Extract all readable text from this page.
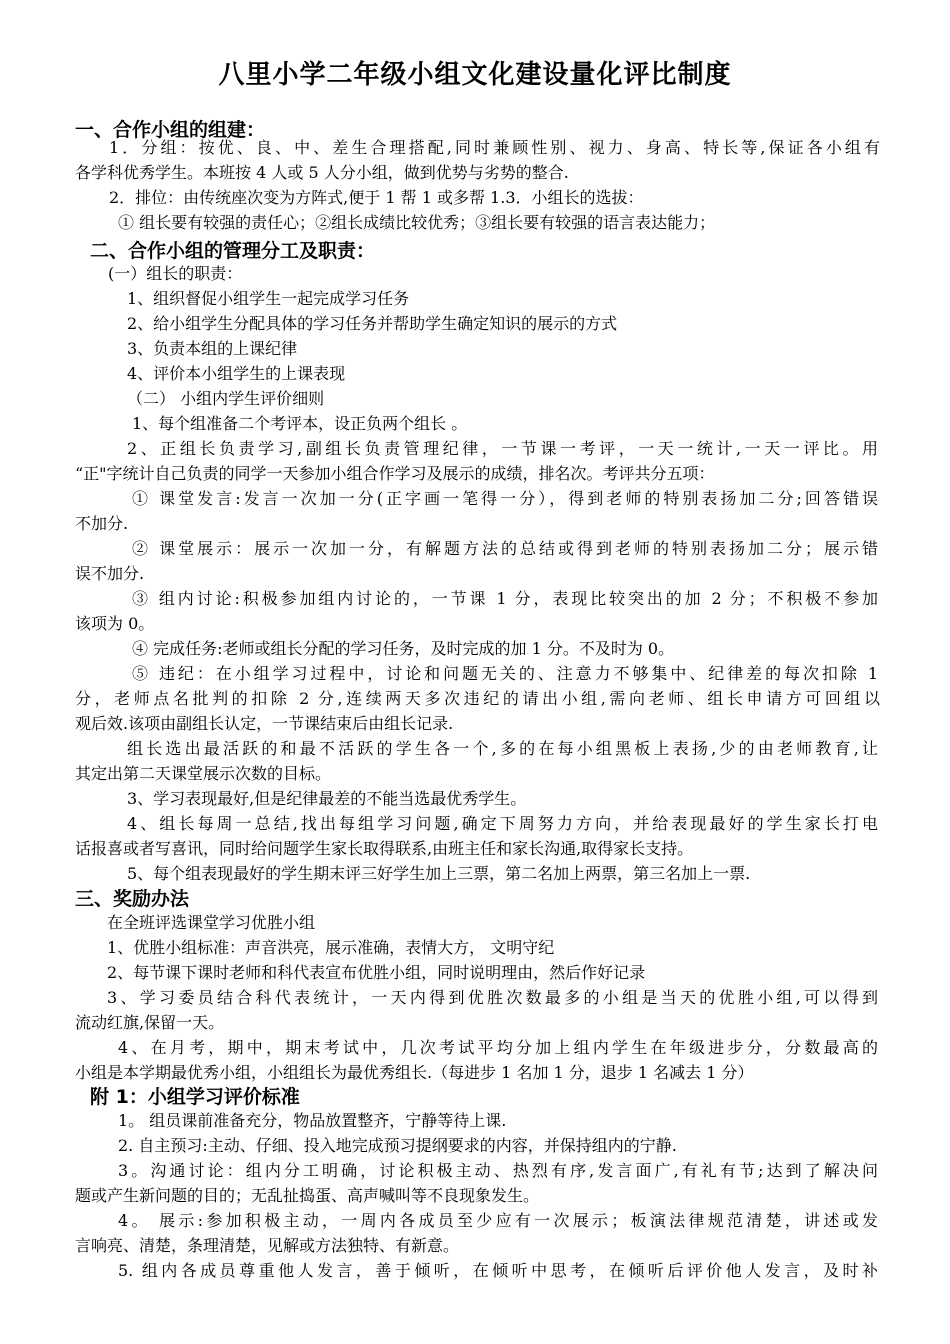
八里小学二年级小组文化建设量化评比制度
一、合作小组的组建：
1．分组：按优、良、中、差生合理搭配,同时兼顾性别、视力、身高、特长等,保证各小组有
各学科优秀学生。本班按 4 人或 5 人分小组，做到优势与劣势的整合.
2．排位：由传统座次变为方阵式,便于 1 帮 1 或多帮 1.3．小组长的选拔：
① 组长要有较强的责任心；②组长成绩比较优秀；③组长要有较强的语言表达能力；
二、合作小组的管理分工及职责：
(一）组长的职责：
1、组织督促小组学生一起完成学习任务
2、给小组学生分配具体的学习任务并帮助学生确定知识的展示的方式
3、负责本组的上课纪律
4、评价本小组学生的上课表现
（二） 小组内学生评价细则
1、每个组准备二个考评本，设正负两个组长 。
2、正组长负责学习,副组长负责管理纪律，一节课一考评，一天一统计,一天一评比。用
“正"字统计自己负责的同学一天参加小组合作学习及展示的成绩，排名次。考评共分五项：
① 课堂发言:发言一次加一分(正字画一笔得一分），得到老师的特别表扬加二分;回答错误
不加分.
② 课堂展示：展示一次加一分，有解题方法的总结或得到老师的特别表扬加二分；展示错
误不加分.
③ 组内讨论:积极参加组内讨论的，一节课 1 分，表现比较突出的加 2 分；不积极不参加
该项为 0。
④ 完成任务:老师或组长分配的学习任务，及时完成的加 1 分。不及时为 0。
⑤ 违纪：在小组学习过程中，讨论和问题无关的、注意力不够集中、纪律差的每次扣除 1
分，老师点名批判的扣除 2 分,连续两天多次违纪的请出小组,需向老师、组长申请方可回组以
观后效.该项由副组长认定，一节课结束后由组长记录.
组长选出最活跃的和最不活跃的学生各一个,多的在每小组黑板上表扬,少的由老师教育,让
其定出第二天课堂展示次数的目标。
3、学习表现最好,但是纪律最差的不能当选最优秀学生。
4、组长每周一总结,找出每组学习问题,确定下周努力方向，并给表现最好的学生家长打电
话报喜或者写喜讯，同时给问题学生家长取得联系,由班主任和家长沟通,取得家长支持。
5、每个组表现最好的学生期末评三好学生加上三票，第二名加上两票，第三名加上一票.
三、奖励办法
在全班评选课堂学习优胜小组
1、优胜小组标准：声音洪亮，展示准确，表情大方， 文明守纪
2、每节课下课时老师和科代表宣布优胜小组，同时说明理由，然后作好记录
3、学习委员结合科代表统计，一天内得到优胜次数最多的小组是当天的优胜小组,可以得到
流动红旗,保留一天。
4、在月考，期中，期末考试中，几次考试平均分加上组内学生在年级进步分，分数最高的
小组是本学期最优秀小组，小组组长为最优秀组长.（每进步 1 名加 1 分，退步 1 名减去 1 分）
附 1：小组学习评价标准
1。 组员课前准备充分，物品放置整齐，宁静等待上课.
2. 自主预习:主动、仔细、投入地完成预习提纲要求的内容，并保持组内的宁静.
3。沟通讨论：组内分工明确，讨论积极主动、热烈有序,发言面广,有礼有节;达到了解决问
题或产生新问题的目的；无乱扯捣蛋、高声喊叫等不良现象发生。
4。 展示:参加积极主动，一周内各成员至少应有一次展示；板演法律规范清楚，讲述或发
言响亮、清楚，条理清楚，见解或方法独特、有新意。
5. 组内各成员尊重他人发言，善于倾听，在倾听中思考，在倾听后评价他人发言，及时补
